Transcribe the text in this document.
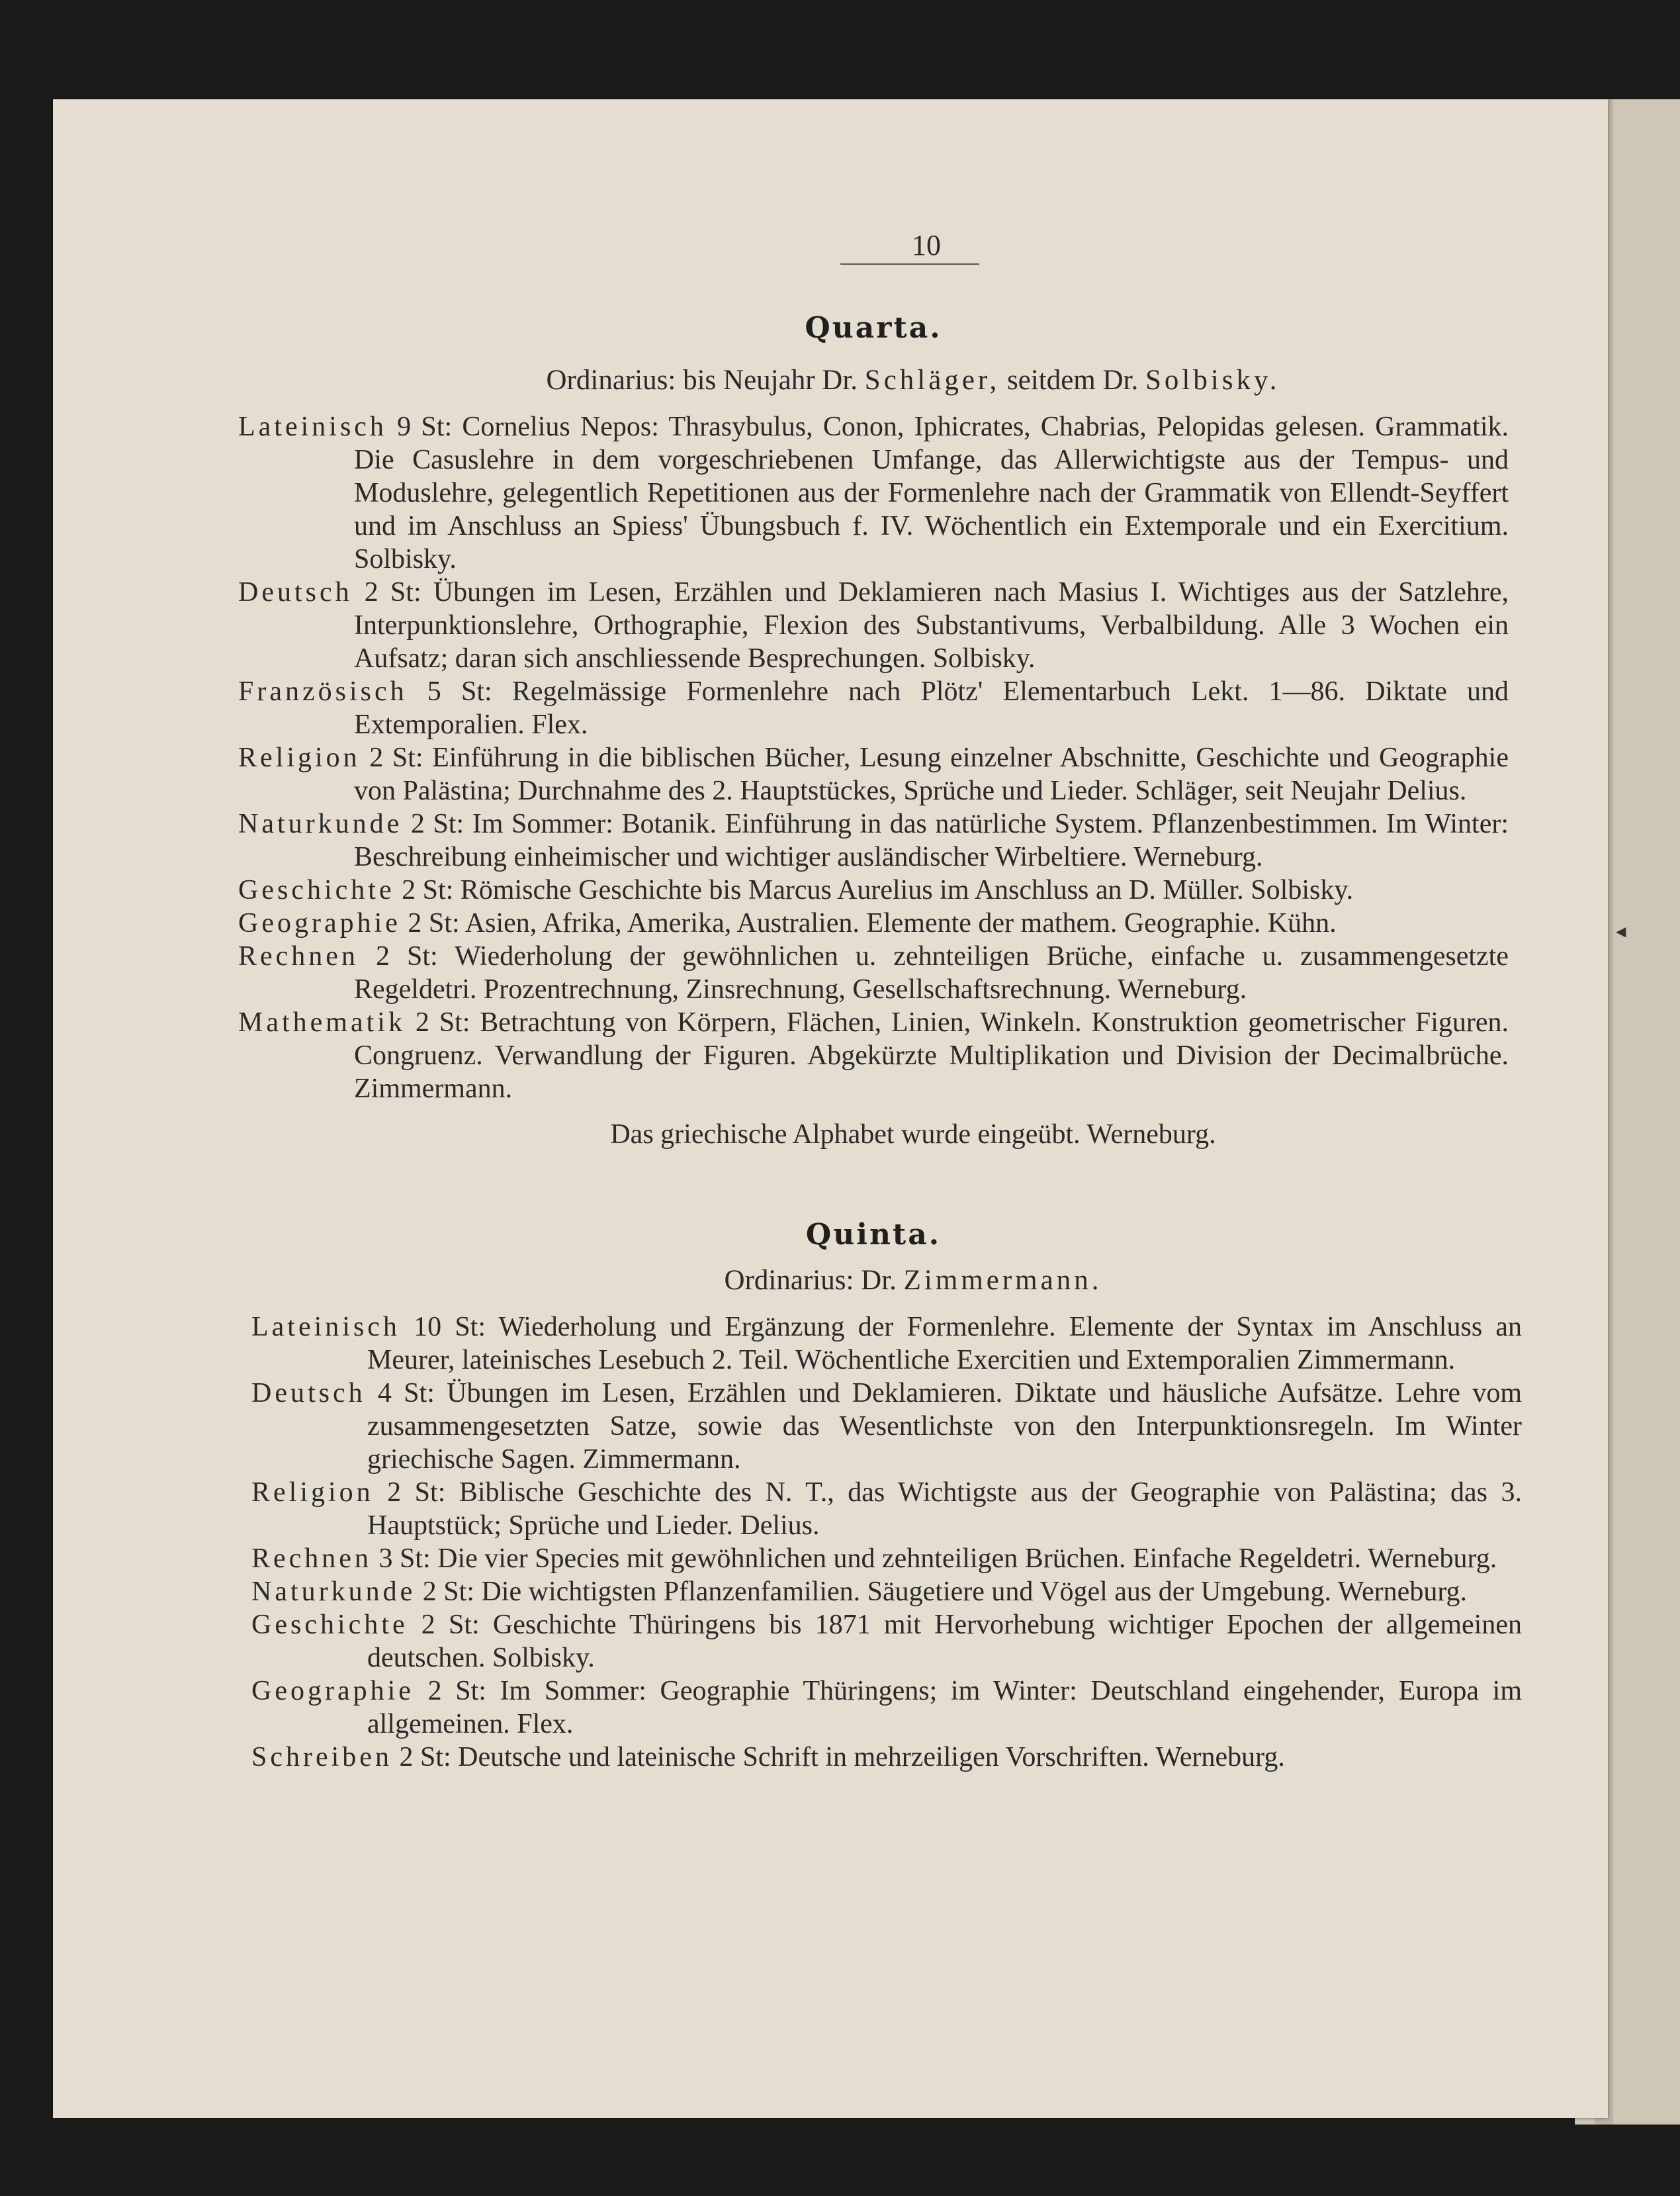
10
Quarta.
Ordinarius: bis Neujahr Dr. Schläger, seitdem Dr. Solbisky.
Lateinisch 9 St: Cornelius Nepos: Thrasybulus, Conon, Iphicrates, Chabrias, Pelopidas gelesen. Grammatik. Die Casuslehre in dem vorgeschriebenen Umfange, das Allerwichtigste aus der Tempus- und Moduslehre, gelegentlich Repetitionen aus der Formenlehre nach der Grammatik von Ellendt-Seyffert und im Anschluss an Spiess' Übungsbuch f. IV. Wöchentlich ein Extemporale und ein Exercitium. Solbisky.
Deutsch 2 St: Übungen im Lesen, Erzählen und Deklamieren nach Masius I. Wichtiges aus der Satzlehre, Interpunktionslehre, Orthographie, Flexion des Substantivums, Verbalbildung. Alle 3 Wochen ein Aufsatz; daran sich anschliessende Besprechungen. Solbisky.
Französisch 5 St: Regelmässige Formenlehre nach Plötz' Elementarbuch Lekt. 1—86. Diktate und Extemporalien. Flex.
Religion 2 St: Einführung in die biblischen Bücher, Lesung einzelner Abschnitte, Geschichte und Geographie von Palästina; Durchnahme des 2. Hauptstückes, Sprüche und Lieder. Schläger, seit Neujahr Delius.
Naturkunde 2 St: Im Sommer: Botanik. Einführung in das natürliche System. Pflanzenbestimmen. Im Winter: Beschreibung einheimischer und wichtiger ausländischer Wirbeltiere. Werneburg.
Geschichte 2 St: Römische Geschichte bis Marcus Aurelius im Anschluss an D. Müller. Solbisky.
Geographie 2 St: Asien, Afrika, Amerika, Australien. Elemente der mathem. Geographie. Kühn.
Rechnen 2 St: Wiederholung der gewöhnlichen u. zehnteiligen Brüche, einfache u. zusammengesetzte Regeldetri. Prozentrechnung, Zinsrechnung, Gesellschaftsrechnung. Werneburg.
Mathematik 2 St: Betrachtung von Körpern, Flächen, Linien, Winkeln. Konstruktion geometrischer Figuren. Congruenz. Verwandlung der Figuren. Abgekürzte Multiplikation und Division der Decimalbrüche. Zimmermann.
Das griechische Alphabet wurde eingeübt. Werneburg.
Quinta.
Ordinarius: Dr. Zimmermann.
Lateinisch 10 St: Wiederholung und Ergänzung der Formenlehre. Elemente der Syntax im Anschluss an Meurer, lateinisches Lesebuch 2. Teil. Wöchentliche Exercitien und Extemporalien Zimmermann.
Deutsch 4 St: Übungen im Lesen, Erzählen und Deklamieren. Diktate und häusliche Aufsätze. Lehre vom zusammengesetzten Satze, sowie das Wesentlichste von den Interpunktionsregeln. Im Winter griechische Sagen. Zimmermann.
Religion 2 St: Biblische Geschichte des N. T., das Wichtigste aus der Geographie von Palästina; das 3. Hauptstück; Sprüche und Lieder. Delius.
Rechnen 3 St: Die vier Species mit gewöhnlichen und zehnteiligen Brüchen. Einfache Regeldetri. Werneburg.
Naturkunde 2 St: Die wichtigsten Pflanzenfamilien. Säugetiere und Vögel aus der Umgebung. Werneburg.
Geschichte 2 St: Geschichte Thüringens bis 1871 mit Hervorhebung wichtiger Epochen der allgemeinen deutschen. Solbisky.
Geographie 2 St: Im Sommer: Geographie Thüringens; im Winter: Deutschland eingehender, Europa im allgemeinen. Flex.
Schreiben 2 St: Deutsche und lateinische Schrift in mehrzeiligen Vorschriften. Werneburg.
◀
